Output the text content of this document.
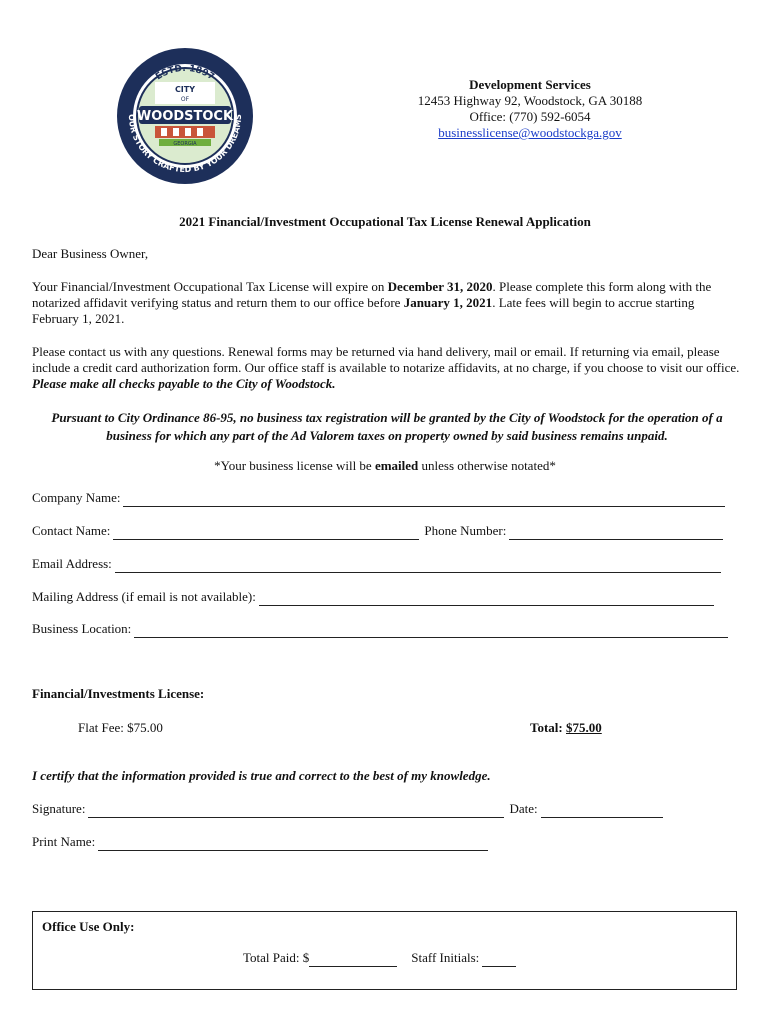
ESTD. 1897
CITY
OF
WOODSTOCK
GEORGIA
OUR STORY CRAFTED BY YOUR DREAMS
Development Services
12453 Highway 92, Woodstock, GA 30188
Office: (770) 592-6054
businesslicense@woodstockga.gov
2021 Financial/Investment Occupational Tax License Renewal Application
Dear Business Owner,
Your Financial/Investment Occupational Tax License will expire on December 31, 2020. Please complete this form along with the notarized affidavit verifying status and return them to our office before January 1, 2021. Late fees will begin to accrue starting February 1, 2021.
Please contact us with any questions. Renewal forms may be returned via hand delivery, mail or email. If returning via email, please include a credit card authorization form. Our office staff is available to notarize affidavits, at no charge, if you choose to visit our office. Please make all checks payable to the City of Woodstock.
Pursuant to City Ordinance 86-95, no business tax registration will be granted by the City of Woodstock for the operation of a business for which any part of the Ad Valorem taxes on property owned by said business remains unpaid.
*Your business license will be emailed unless otherwise notated*
Company Name:
Contact Name:	Phone Number:
Email Address:
Mailing Address (if email is not available):
Business Location:
Financial/Investments License:
Flat Fee: $75.00	Total: $75.00
I certify that the information provided is true and correct to the best of my knowledge.
Signature:	Date:
Print Name:
Office Use Only:
Total Paid: $	Staff Initials:
